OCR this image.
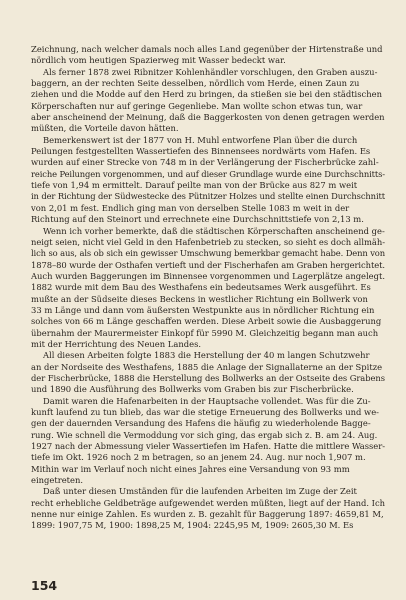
Zeichnung, nach welcher damals noch alles Land gegenüber der Hirtenstraße und
nördlich vom heutigen Spazierweg mit Wasser bedeckt war.
Als ferner 1878 zwei Ribnitzer Kohlenhändler vorschlugen, den Graben auszu-
baggern, an der rechten Seite desselben, nördlich vom Herde, einen Zaun zu
ziehen und die Modde auf den Herd zu bringen, da stießen sie bei den städtischen
Körperschaften nur auf geringe Gegenliebe. Man wollte schon etwas tun, war
aber anscheinend der Meinung, daß die Baggerkosten von denen getragen werden
müßten, die Vorteile davon hätten.
Bemerkenswert ist der 1877 von H. Muhl entworfene Plan über die durch
Peilungen festgestellten Wassertiefen des Binnensees nordwärts vom Hafen. Es
wurden auf einer Strecke von 748 m in der Verlängerung der Fischerbrücke zahl-
reiche Peilungen vorgenommen, und auf dieser Grundlage wurde eine Durchschnitts-
tiefe von 1,94 m ermittelt. Darauf peilte man von der Brücke aus 827 m weit
in der Richtung der Südwestecke des Pütnitzer Holzes und stellte einen Durchschnitt
von 2,01 m fest. Endlich ging man von derselben Stelle 1083 m weit in der
Richtung auf den Steinort und errechnete eine Durchschnittstiefe von 2,13 m.
Wenn ich vorher bemerkte, daß die städtischen Körperschaften anscheinend ge-
neigt seien, nicht viel Geld in den Hafenbetrieb zu stecken, so sieht es doch allmäh-
lich so aus, als ob sich ein gewisser Umschwung bemerkbar gemacht habe. Denn von
1878–80 wurde der Osthafen vertieft und der Fischerhafen am Graben hergerichtet.
Auch wurden Baggerungen im Binnensee vorgenommen und Lagerplätze angelegt.
1882 wurde mit dem Bau des Westhafens ein bedeutsames Werk ausgeführt. Es
mußte an der Südseite dieses Beckens in westlicher Richtung ein Bollwerk von
33 m Länge und dann vom äußersten Westpunkte aus in nördlicher Richtung ein
solches von 66 m Länge geschaffen werden. Diese Arbeit sowie die Ausbaggerung
übernahm der Maurermeister Einkopf für 5990 M. Gleichzeitig begann man auch
mit der Herrichtung des Neuen Landes.
All diesen Arbeiten folgte 1883 die Herstellung der 40 m langen Schutzwehr
an der Nordseite des Westhafens, 1885 die Anlage der Signallaterne an der Spitze
der Fischerbrücke, 1888 die Herstellung des Bollwerks an der Ostseite des Grabens
und 1890 die Ausführung des Bollwerks vom Graben bis zur Fischerbrücke.
Damit waren die Hafenarbeiten in der Hauptsache vollendet. Was für die Zu-
kunft laufend zu tun blieb, das war die stetige Erneuerung des Bollwerks und we-
gen der dauernden Versandung des Hafens die häufig zu wiederholende Bagge-
rung. Wie schnell die Vermoddung vor sich ging, das ergab sich z. B. am 24. Aug.
1927 nach der Abmessung vieler Wassertiefen im Hafen. Hatte die mittlere Wasser-
tiefe im Okt. 1926 noch 2 m betragen, so an jenem 24. Aug. nur noch 1,907 m.
Mithin war im Verlauf noch nicht eines Jahres eine Versandung von 93 mm
eingetreten.
Daß unter diesen Umständen für die laufenden Arbeiten im Zuge der Zeit
recht erhebliche Geldbeträge aufgewendet werden müßten, liegt auf der Hand. Ich
nenne nur einige Zahlen. Es wurden z. B. gezahlt für Baggerung 1897: 4659,81 M,
1899: 1907,75 M, 1900: 1898,25 M, 1904: 2245,95 M, 1909: 2605,30 M. Es
154
